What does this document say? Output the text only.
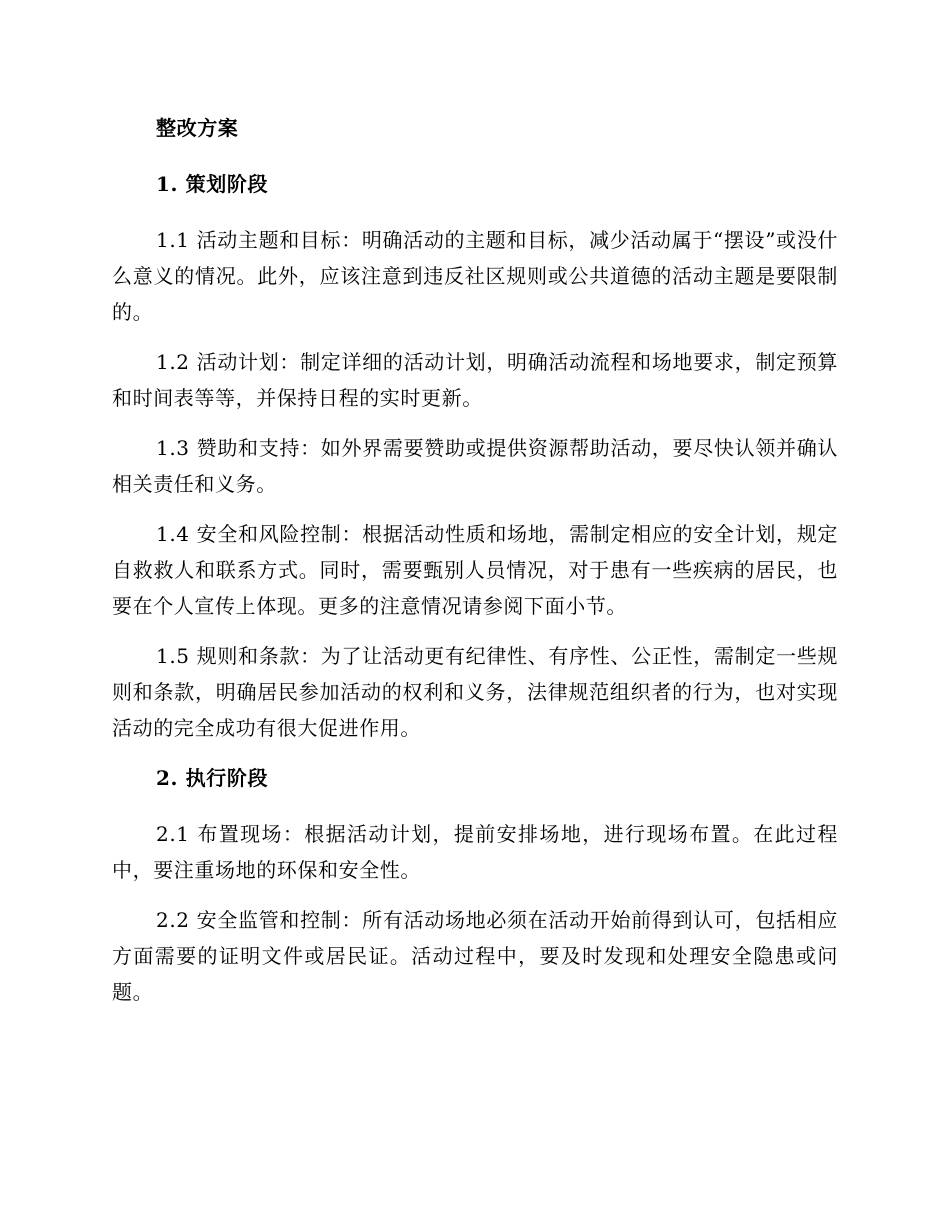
整改方案
1. 策划阶段

1.1 活动主题和目标：明确活动的主题和目标，减少活动属于“摆设”或没什么意义的情况。此外，应该注意到违反社区规则或公共道德的活动主题是要限制的。

1.2 活动计划：制定详细的活动计划，明确活动流程和场地要求，制定预算和时间表等等，并保持日程的实时更新。

1.3 赞助和支持：如外界需要赞助或提供资源帮助活动，要尽快认领并确认相关责任和义务。

1.4 安全和风险控制：根据活动性质和场地，需制定相应的安全计划，规定自救救人和联系方式。同时，需要甄别人员情况，对于患有一些疾病的居民，也要在个人宣传上体现。更多的注意情况请参阅下面小节。

1.5 规则和条款：为了让活动更有纪律性、有序性、公正性，需制定一些规则和条款，明确居民参加活动的权利和义务，法律规范组织者的行为，也对实现活动的完全成功有很大促进作用。

2. 执行阶段

2.1 布置现场：根据活动计划，提前安排场地，进行现场布置。在此过程中，要注重场地的环保和安全性。

2.2 安全监管和控制：所有活动场地必须在活动开始前得到认可，包括相应方面需要的证明文件或居民证。活动过程中，要及时发现和处理安全隐患或问题。
